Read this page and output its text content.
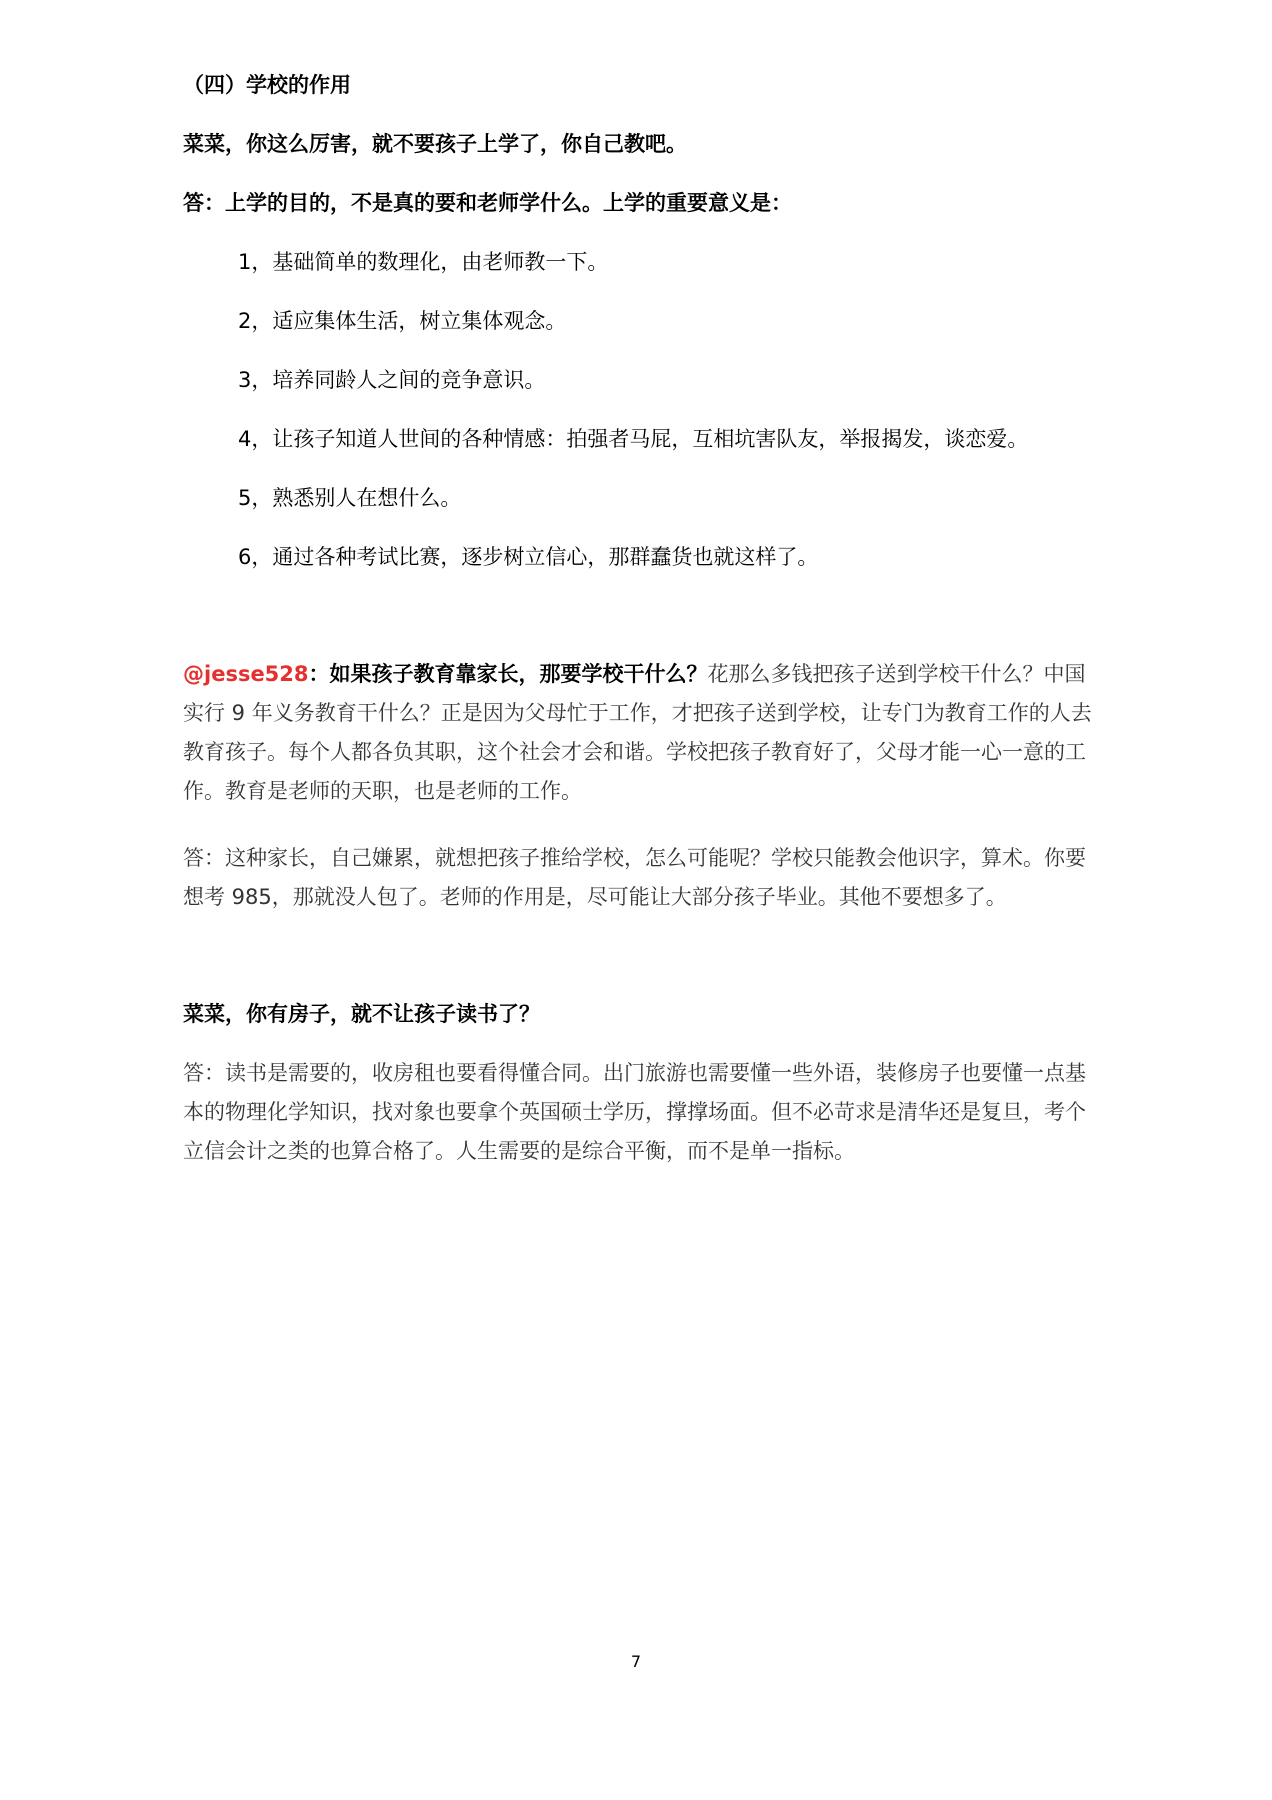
（四）学校的作用

菜菜，你这么厉害，就不要孩子上学了，你自己教吧。

答：上学的目的，不是真的要和老师学什么。上学的重要意义是：

1，基础简单的数理化，由老师教一下。

2，适应集体生活，树立集体观念。

3，培养同龄人之间的竞争意识。

4，让孩子知道人世间的各种情感：拍强者马屁，互相坑害队友，举报揭发，谈恋爱。

5，熟悉别人在想什么。

6，通过各种考试比赛，逐步树立信心，那群蠢货也就这样了。

@jesse528：如果孩子教育靠家长，那要学校干什么？花那么多钱把孩子送到学校干什么？中国实行 9 年义务教育干什么？正是因为父母忙于工作，才把孩子送到学校，让专门为教育工作的人去教育孩子。每个人都各负其职，这个社会才会和谐。学校把孩子教育好了，父母才能一心一意的工作。教育是老师的天职，也是老师的工作。

答：这种家长，自己嫌累，就想把孩子推给学校，怎么可能呢？学校只能教会他识字，算术。你要想考 985，那就没人包了。老师的作用是，尽可能让大部分孩子毕业。其他不要想多了。

菜菜，你有房子，就不让孩子读书了？

答：读书是需要的，收房租也要看得懂合同。出门旅游也需要懂一些外语，装修房子也要懂一点基本的物理化学知识，找对象也要拿个英国硕士学历，撑撑场面。但不必苛求是清华还是复旦，考个立信会计之类的也算合格了。人生需要的是综合平衡，而不是单一指标。

7
